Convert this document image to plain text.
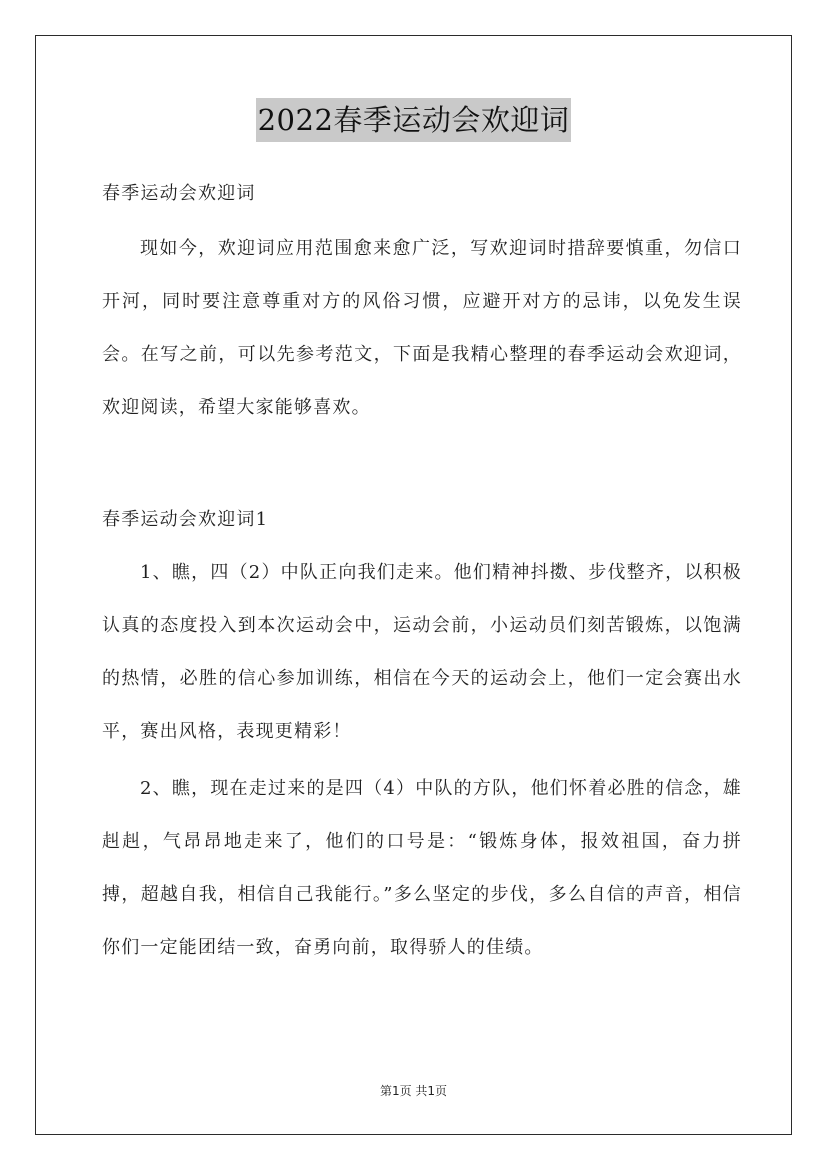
2022春季运动会欢迎词
春季运动会欢迎词
现如今，欢迎词应用范围愈来愈广泛，写欢迎词时措辞要慎重，勿信口开河，同时要注意尊重对方的风俗习惯，应避开对方的忌讳，以免发生误会。在写之前，可以先参考范文，下面是我精心整理的春季运动会欢迎词，欢迎阅读，希望大家能够喜欢。
春季运动会欢迎词1
1、瞧，四（2）中队正向我们走来。他们精神抖擞、步伐整齐，以积极认真的态度投入到本次运动会中，运动会前，小运动员们刻苦锻炼，以饱满的热情，必胜的信心参加训练，相信在今天的运动会上，他们一定会赛出水平，赛出风格，表现更精彩！
2、瞧，现在走过来的是四（4）中队的方队，他们怀着必胜的信念，雄赳赳，气昂昂地走来了，他们的口号是：“锻炼身体，报效祖国，奋力拼搏，超越自我，相信自己我能行。”多么坚定的步伐，多么自信的声音，相信你们一定能团结一致，奋勇向前，取得骄人的佳绩。
第1页 共1页
